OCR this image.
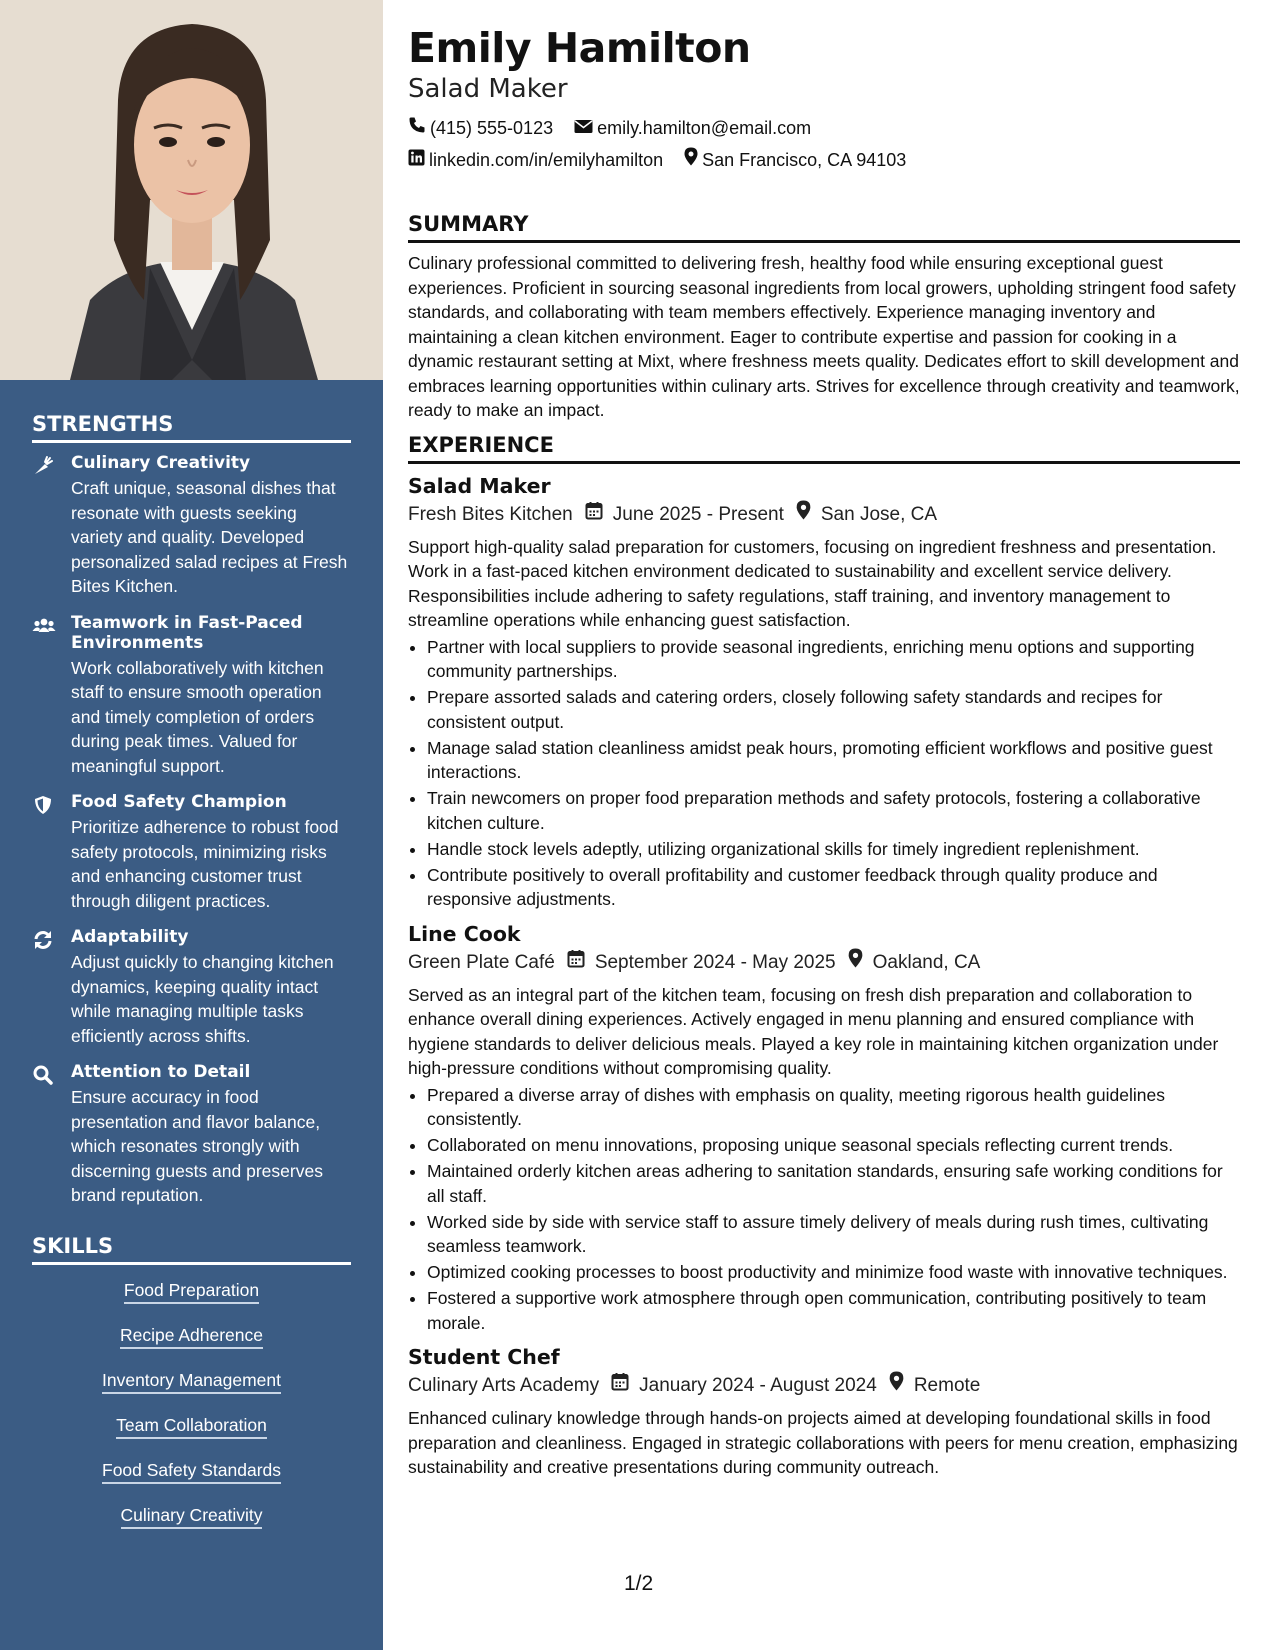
STRENGTHS
Culinary Creativity
Craft unique, seasonal dishes that resonate with guests seeking variety and quality. Developed personalized salad recipes at Fresh Bites Kitchen.
Teamwork in Fast-Paced Environments
Work collaboratively with kitchen staff to ensure smooth operation and timely completion of orders during peak times. Valued for meaningful support.
Food Safety Champion
Prioritize adherence to robust food safety protocols, minimizing risks and enhancing customer trust through diligent practices.
Adaptability
Adjust quickly to changing kitchen dynamics, keeping quality intact while managing multiple tasks efficiently across shifts.
Attention to Detail
Ensure accuracy in food presentation and flavor balance, which resonates strongly with discerning guests and preserves brand reputation.
SKILLS
Food Preparation
Recipe Adherence
Inventory Management
Team Collaboration
Food Safety Standards
Culinary Creativity
Emily Hamilton
Salad Maker
(415) 555-0123
emily.hamilton@email.com
linkedin.com/in/emilyhamilton
San Francisco, CA 94103
SUMMARY

Culinary professional committed to delivering fresh, healthy food while ensuring exceptional guest experiences. Proficient in sourcing seasonal ingredients from local growers, upholding stringent food safety standards, and collaborating with team members effectively. Experience managing inventory and maintaining a clean kitchen environment. Eager to contribute expertise and passion for cooking in a dynamic restaurant setting at Mixt, where freshness meets quality. Dedicates effort to skill development and embraces learning opportunities within culinary arts. Strives for excellence through creativity and teamwork, ready to make an impact.

EXPERIENCE
Salad Maker
Fresh Bites Kitchen June 2025 - Present San Jose, CA

Support high-quality salad preparation for customers, focusing on ingredient freshness and presentation. Work in a fast-paced kitchen environment dedicated to sustainability and excellent service delivery. Responsibilities include adhering to safety regulations, staff training, and inventory management to streamline operations while enhancing guest satisfaction.

• Partner with local suppliers to provide seasonal ingredients, enriching menu options and supporting community partnerships.
• Prepare assorted salads and catering orders, closely following safety standards and recipes for consistent output.
• Manage salad station cleanliness amidst peak hours, promoting efficient workflows and positive guest interactions.
• Train newcomers on proper food preparation methods and safety protocols, fostering a collaborative kitchen culture.
• Handle stock levels adeptly, utilizing organizational skills for timely ingredient replenishment.
• Contribute positively to overall profitability and customer feedback through quality produce and responsive adjustments.
Line Cook
Green Plate Café September 2024 - May 2025 Oakland, CA

Served as an integral part of the kitchen team, focusing on fresh dish preparation and collaboration to enhance overall dining experiences. Actively engaged in menu planning and ensured compliance with hygiene standards to deliver delicious meals. Played a key role in maintaining kitchen organization under high-pressure conditions without compromising quality.

• Prepared a diverse array of dishes with emphasis on quality, meeting rigorous health guidelines consistently.
• Collaborated on menu innovations, proposing unique seasonal specials reflecting current trends.
• Maintained orderly kitchen areas adhering to sanitation standards, ensuring safe working conditions for all staff.
• Worked side by side with service staff to assure timely delivery of meals during rush times, cultivating seamless teamwork.
• Optimized cooking processes to boost productivity and minimize food waste with innovative techniques.
• Fostered a supportive work atmosphere through open communication, contributing positively to team morale.
Student Chef
Culinary Arts Academy January 2024 - August 2024 Remote

Enhanced culinary knowledge through hands-on projects aimed at developing foundational skills in food preparation and cleanliness. Engaged in strategic collaborations with peers for menu creation, emphasizing sustainability and creative presentations during community outreach.

1/2
